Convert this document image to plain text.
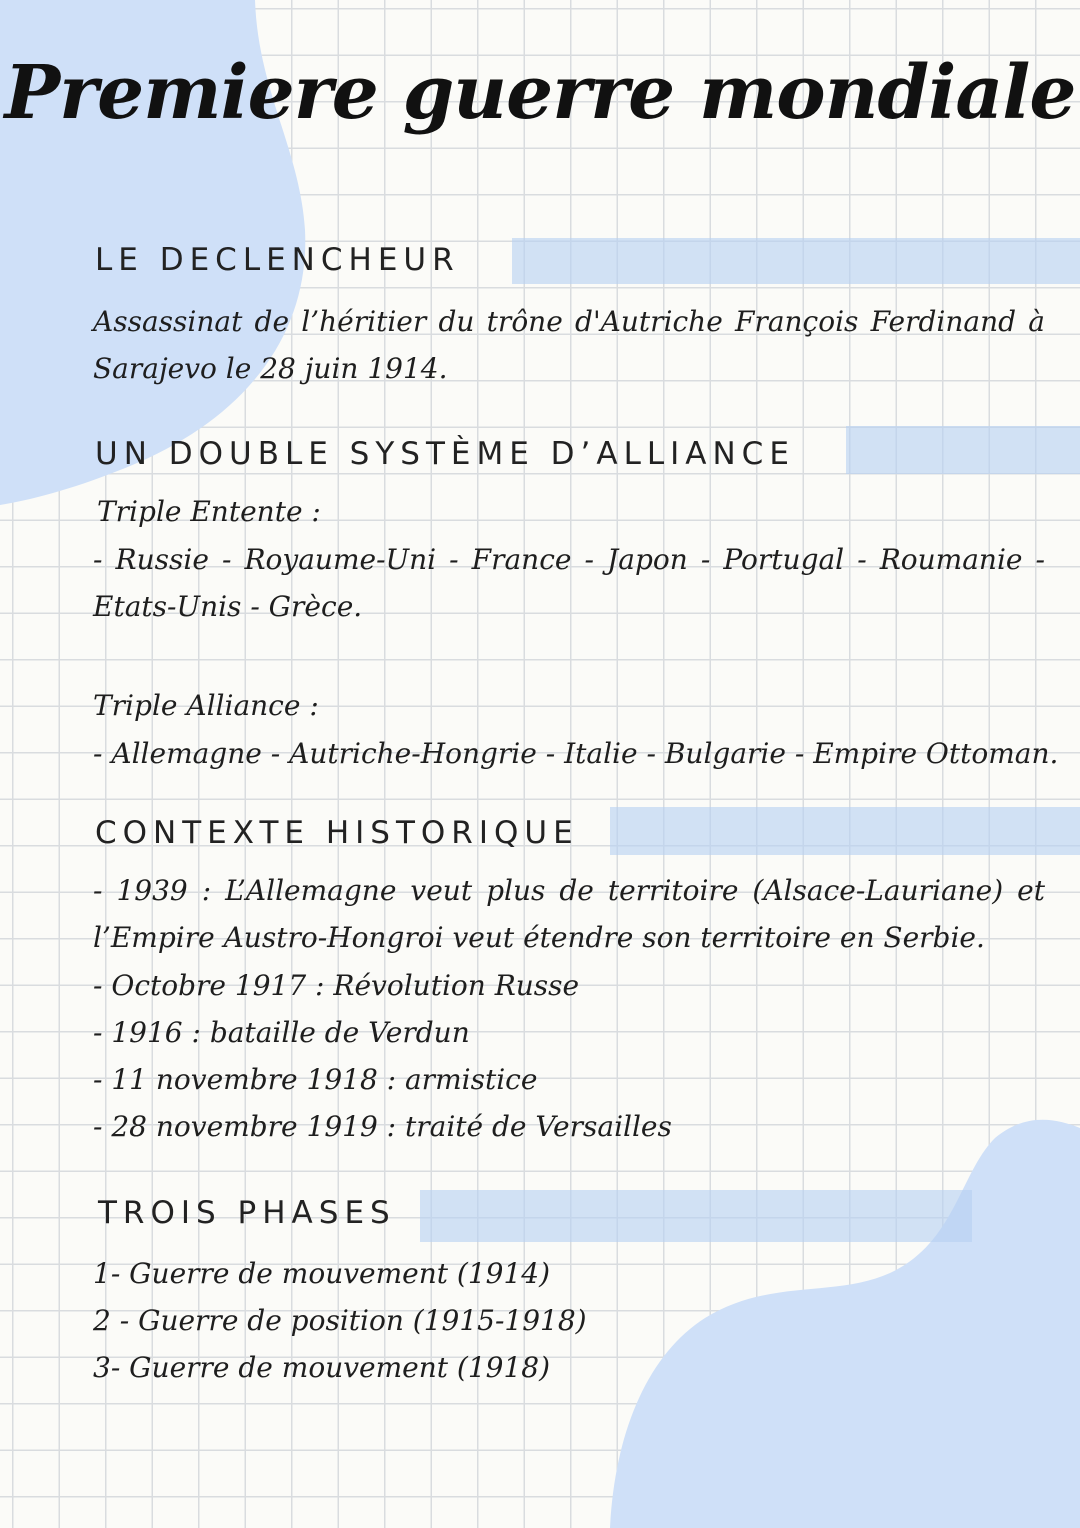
Premiere guerre mondiale
LE DECLENCHEUR

Assassinat de l’héritier du trône d'Autriche François Ferdinand à Sarajevo le 28 juin 1914.

UN DOUBLE SYSTÈME D’ALLIANCE

Triple Entente :

- Russie - Royaume-Uni - France - Japon - Portugal - Roumanie - Etats-Unis - Grèce.

Triple Alliance :

- Allemagne - Autriche-Hongrie - Italie - Bulgarie - Empire Ottoman.

CONTEXTE HISTORIQUE

- 1939 : L’Allemagne veut plus de territoire (Alsace-Lauriane) et l’Empire Austro-Hongroi veut étendre son territoire en Serbie.

- Octobre 1917 : Révolution Russe
- 1916 : bataille de Verdun
- 11 novembre 1918 : armistice
- 28 novembre 1919 : traité de Versailles
TROIS PHASES
1- Guerre de mouvement (1914)
2 - Guerre de position (1915-1918)
3- Guerre de mouvement (1918)
